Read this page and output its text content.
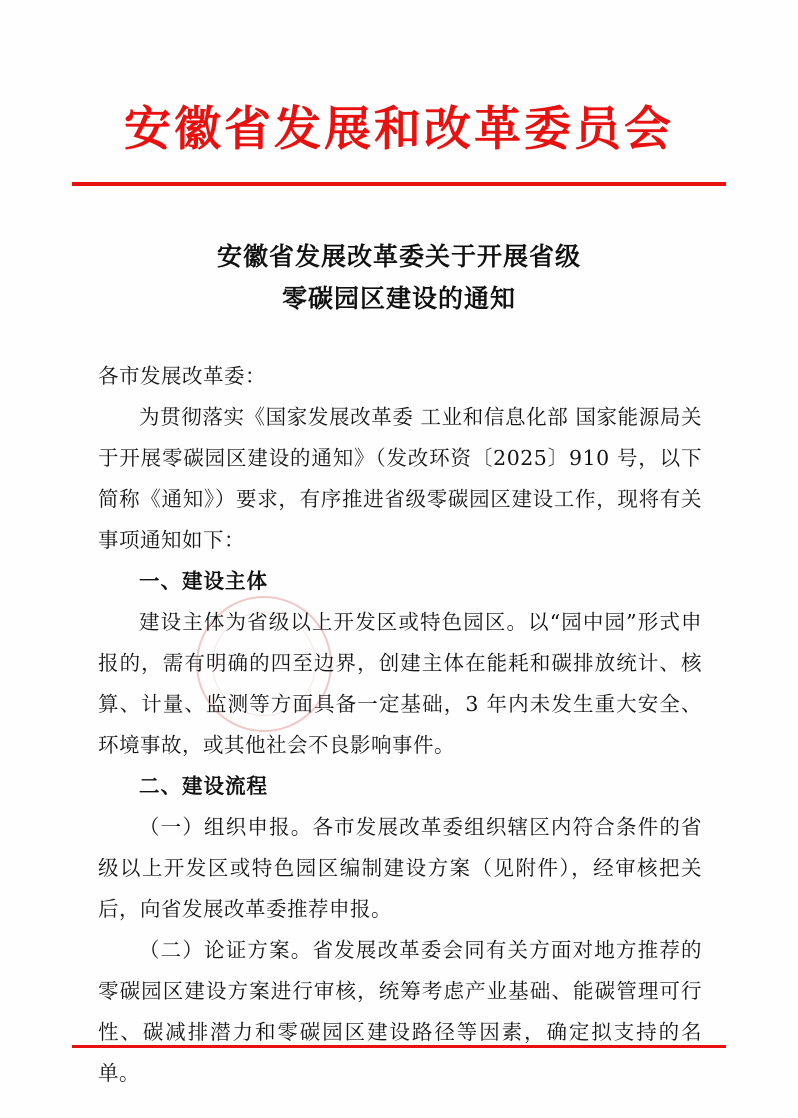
安徽省发展和改革委员会
安徽省发展改革委关于开展省级
零碳园区建设的通知

各市发展改革委：

为贯彻落实《国家发展改革委 工业和信息化部 国家能源局关于开展零碳园区建设的通知》（发改环资〔2025〕910 号，以下简称《通知》）要求，有序推进省级零碳园区建设工作，现将有关事项通知如下：

一、建设主体

建设主体为省级以上开发区或特色园区。以“园中园”形式申报的，需有明确的四至边界，创建主体在能耗和碳排放统计、核算、计量、监测等方面具备一定基础，3 年内未发生重大安全、环境事故，或其他社会不良影响事件。

二、建设流程

（一）组织申报。各市发展改革委组织辖区内符合条件的省级以上开发区或特色园区编制建设方案（见附件），经审核把关后，向省发展改革委推荐申报。

（二）论证方案。省发展改革委会同有关方面对地方推荐的零碳园区建设方案进行审核，统筹考虑产业基础、能碳管理可行性、碳减排潜力和零碳园区建设路径等因素，确定拟支持的名单。
